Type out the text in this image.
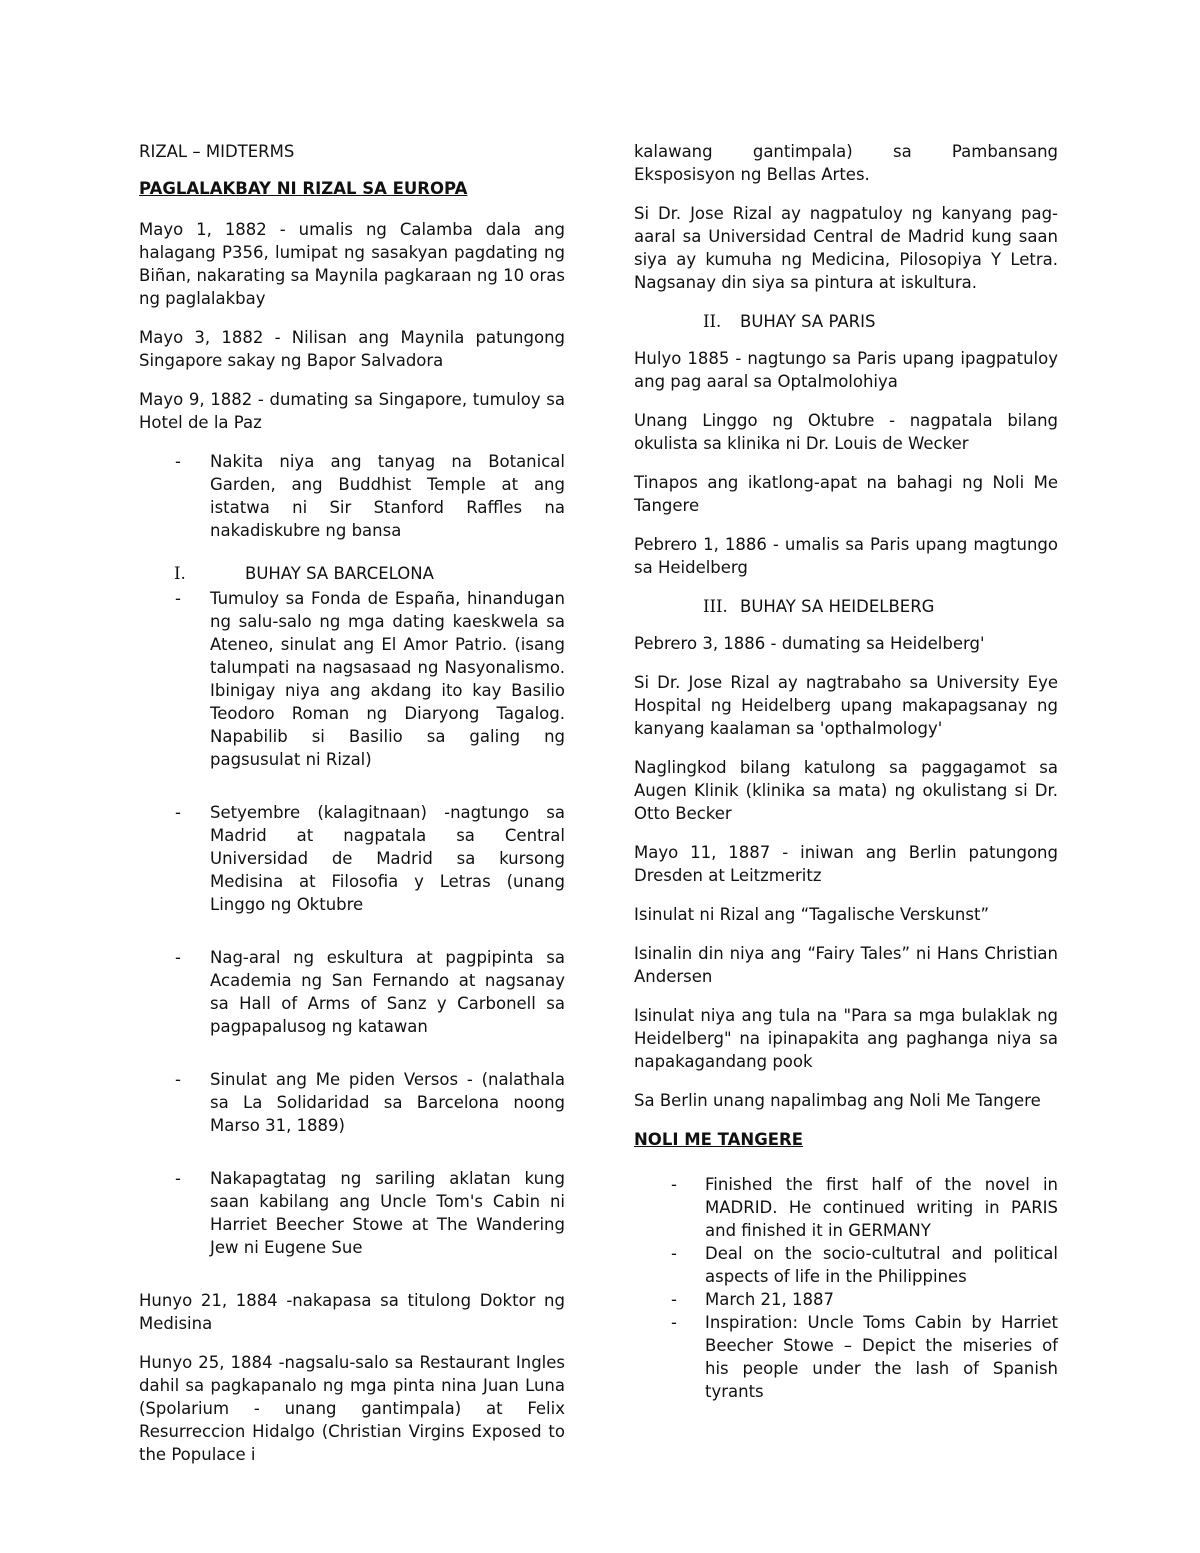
RIZAL – MIDTERMS

PAGLALAKBAY NI RIZAL SA EUROPA

Mayo 1, 1882 - umalis ng Calamba dala ang halagang P356, lumipat ng sasakyan pagdating ng Biñan, nakarating sa Maynila pagkaraan ng 10 oras ng paglalakbay

Mayo 3, 1882 - Nilisan ang Maynila patungong Singapore sakay ng Bapor Salvadora

Mayo 9, 1882 - dumating sa Singapore, tumuloy sa Hotel de la Paz

- Nakita niya ang tanyag na Botanical Garden, ang Buddhist Temple at ang istatwa ni Sir Stanford Raffles na nakadiskubre ng bansa
I.	BUHAY SA BARCELONA
- Tumuloy sa Fonda de España, hinandugan ng salu-salo ng mga dating kaeskwela sa Ateneo, sinulat ang El Amor Patrio. (isang talumpati na nagsasaad ng Nasyonalismo. Ibinigay niya ang akdang ito kay Basilio Teodoro Roman ng Diaryong Tagalog. Napabilib si Basilio sa galing ng pagsusulat ni Rizal)
- Setyembre (kalagitnaan) -nagtungo sa Madrid at nagpatala sa Central Universidad de Madrid sa kursong Medisina at Filosofia y Letras (unang Linggo ng Oktubre
- Nag-aral ng eskultura at pagpipinta sa Academia ng San Fernando at nagsanay sa Hall of Arms of Sanz y Carbonell sa pagpapalusog ng katawan
- Sinulat ang Me piden Versos - (nalathala sa La Solidaridad sa Barcelona noong Marso 31, 1889)
- Nakapagtatag ng sariling aklatan kung saan kabilang ang Uncle Tom's Cabin ni Harriet Beecher Stowe at The Wandering Jew ni Eugene Sue

Hunyo 21, 1884 -nakapasa sa titulong Doktor ng Medisina

Hunyo 25, 1884 -nagsalu-salo sa Restaurant Ingles dahil sa pagkapanalo ng mga pinta nina Juan Luna (Spolarium - unang gantimpala) at Felix Resurreccion Hidalgo (Christian Virgins Exposed to the Populace i

kalawang gantimpala) sa Pambansang Eksposisyon ng Bellas Artes.

Si Dr. Jose Rizal ay nagpatuloy ng kanyang pag-aaral sa Universidad Central de Madrid kung saan siya ay kumuha ng Medicina, Pilosopiya Y Letra. Nagsanay din siya sa pintura at iskultura.

II.	BUHAY SA PARIS

Hulyo 1885 - nagtungo sa Paris upang ipagpatuloy ang pag aaral sa Optalmolohiya

Unang Linggo ng Oktubre - nagpatala bilang okulista sa klinika ni Dr. Louis de Wecker

Tinapos ang ikatlong-apat na bahagi ng Noli Me Tangere

Pebrero 1, 1886 - umalis sa Paris upang magtungo sa Heidelberg

III. BUHAY SA HEIDELBERG

Pebrero 3, 1886 - dumating sa Heidelberg'

Si Dr. Jose Rizal ay nagtrabaho sa University Eye Hospital ng Heidelberg upang makapagsanay ng kanyang kaalaman sa 'opthalmology'

Naglingkod bilang katulong sa paggagamot sa Augen Klinik (klinika sa mata) ng okulistang si Dr. Otto Becker

Mayo 11, 1887 - iniwan ang Berlin patungong Dresden at Leitzmeritz

Isinulat ni Rizal ang “Tagalische Verskunst”

Isinalin din niya ang “Fairy Tales” ni Hans Christian Andersen

Isinulat niya ang tula na "Para sa mga bulaklak ng Heidelberg" na ipinapakita ang paghanga niya sa napakagandang pook

Sa Berlin unang napalimbag ang Noli Me Tangere

NOLI ME TANGERE

- Finished the first half of the novel in MADRID. He continued writing in PARIS and finished it in GERMANY
- Deal on the socio-cultutral and political aspects of life in the Philippines
- March 21, 1887
- Inspiration: Uncle Toms Cabin by Harriet Beecher Stowe – Depict the miseries of his people under the lash of Spanish tyrants
